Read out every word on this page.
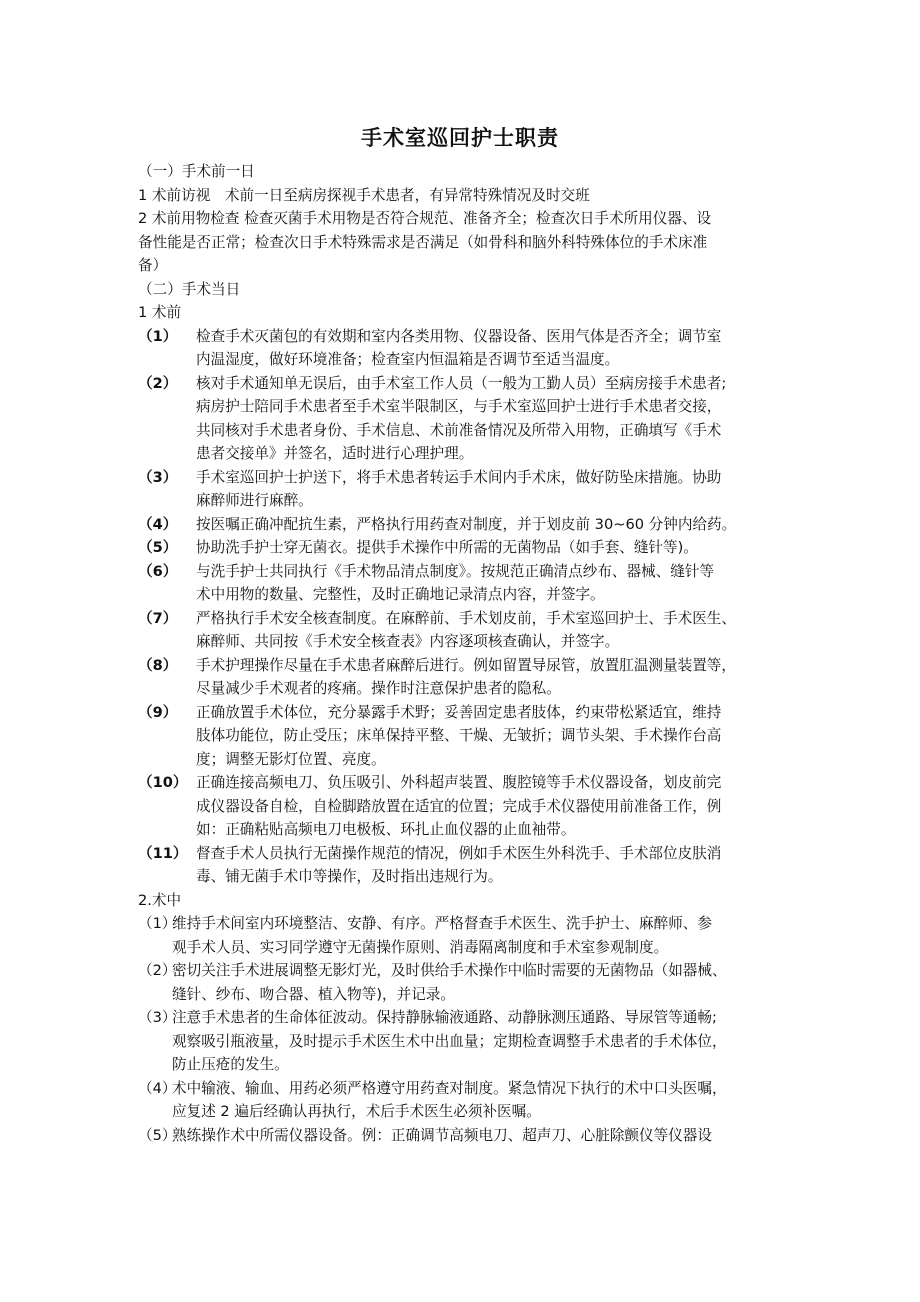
手术室巡回护士职责
（一）手术前一日
1 术前访视　术前一日至病房探视手术患者，有异常特殊情况及时交班
2 术前用物检查 检查灭菌手术用物是否符合规范、准备齐全；检查次日手术所用仪器、设
备性能是否正常；检查次日手术特殊需求是否满足（如骨科和脑外科特殊体位的手术床准
备）
（二）手术当日
1 术前
（1）	检查手术灭菌包的有效期和室内各类用物、仪器设备、医用气体是否齐全；调节室
内温湿度，做好环境准备；检查室内恒温箱是否调节至适当温度。
（2）	核对手术通知单无误后，由手术室工作人员（一般为工勤人员）至病房接手术患者;
病房护士陪同手术患者至手术室半限制区，与手术室巡回护士进行手术患者交接，
共同核对手术患者身份、手术信息、术前准备情况及所带入用物，正确填写《手术
患者交接单》并签名，适时进行心理护理。
（3）	手术室巡回护士护送下，将手术患者转运手术间内手术床，做好防坠床措施。协助
麻醉师进行麻醉。
（4）	按医嘱正确冲配抗生素，严格执行用药查对制度，并于划皮前 30~60 分钟内给药。
（5）	协助洗手护士穿无菌衣。提供手术操作中所需的无菌物品（如手套、缝针等)。
（6）	与洗手护士共同执行《手术物品清点制度》。按规范正确清点纱布、器械、缝针等
术中用物的数量、完整性，及时正确地记录清点内容，并签字。
（7）	严格执行手术安全核查制度。在麻醉前、手术划皮前，手术室巡回护士、手术医生、
麻醉师、共同按《手术安全核查表》内容逐项核查确认，并签字。
（8）	手术护理操作尽量在手术患者麻醉后进行。例如留置导尿管，放置肛温测量装置等，
尽量减少手术观者的疼痛。操作时注意保护患者的隐私。
（9）	正确放置手术体位，充分暴露手术野；妥善固定患者肢体，约束带松紧适宜，维持
肢体功能位，防止受压；床单保持平整、干燥、无皱折；调节头架、手术操作台高
度；调整无影灯位置、亮度。
（10） 正确连接高频电刀、负压吸引、外科超声装置、腹腔镜等手术仪器设备，划皮前完
成仪器设备自检，自检脚踏放置在适宜的位置；完成手术仪器使用前准备工作，例
如：正确粘贴高频电刀电极板、环扎止血仪器的止血袖带。
（11） 督查手术人员执行无菌操作规范的情况，例如手术医生外科洗手、手术部位皮肤消
毒、铺无菌手术巾等操作，及时指出违规行为。
2.术中
（1）
维持手术间室内环境整洁、安静、有序。严格督查手术医生、洗手护士、麻醉师、参
观手术人员、实习同学遵守无菌操作原则、消毒隔离制度和手术室参观制度。
（2）
密切关注手术进展调整无影灯光，及时供给手术操作中临时需要的无菌物品（如器械、
缝针、纱布、吻合器、植入物等)，并记录。
（3）
注意手术患者的生命体征波动。保持静脉输液通路、动静脉测压通路、导尿管等通畅;
观察吸引瓶液量，及时提示手术医生术中出血量；定期检查调整手术患者的手术体位，
防止压疮的发生。
（4）
术中输液、输血、用药必须严格遵守用药查对制度。紧急情况下执行的术中口头医嘱，
应复述 2 遍后经确认再执行，术后手术医生必须补医嘱。
（5）
熟练操作术中所需仪器设备。例：正确调节高频电刀、超声刀、心脏除颤仪等仪器设
